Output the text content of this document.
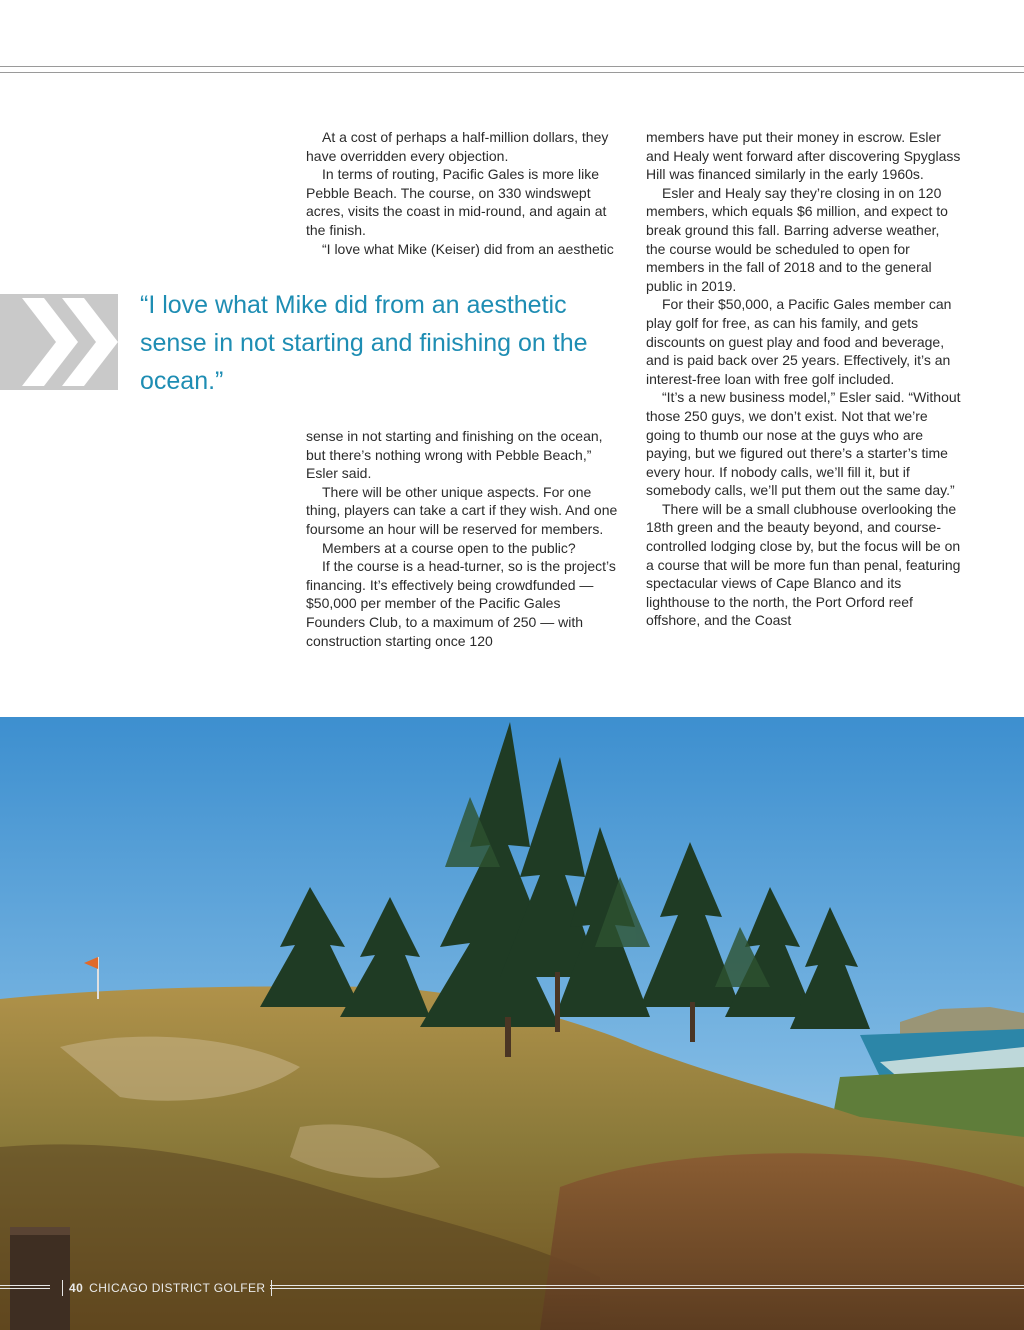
At a cost of perhaps a half-million dollars, they have overridden every objection.

In terms of routing, Pacific Gales is more like Pebble Beach. The course, on 330 windswept acres, visits the coast in mid-round, and again at the finish.

“I love what Mike (Keiser) did from an aesthetic

“I love what Mike did from an aesthetic sense in not starting and finishing on the ocean.”

sense in not starting and finishing on the ocean, but there’s nothing wrong with Pebble Beach,” Esler said.

There will be other unique aspects. For one thing, players can take a cart if they wish. And one foursome an hour will be reserved for members.

Members at a course open to the public?

If the course is a head-turner, so is the project’s financing. It’s effectively being crowdfunded — $50,000 per member of the Pacific Gales Founders Club, to a maximum of 250 — with construction starting once 120

members have put their money in escrow. Esler and Healy went forward after discovering Spyglass Hill was financed similarly in the early 1960s.

Esler and Healy say they’re closing in on 120 members, which equals $6 million, and expect to break ground this fall. Barring adverse weather, the course would be scheduled to open for members in the fall of 2018 and to the general public in 2019.

For their $50,000, a Pacific Gales member can play golf for free, as can his family, and gets discounts on guest play and food and beverage, and is paid back over 25 years. Effectively, it’s an interest-free loan with free golf included.

“It’s a new business model,” Esler said. “Without those 250 guys, we don’t exist. Not that we’re going to thumb our nose at the guys who are paying, but we figured out there’s a starter’s time every hour. If nobody calls, we’ll fill it, but if somebody calls, we’ll put them out the same day.”

There will be a small clubhouse overlooking the 18th green and the beauty beyond, and course-controlled lodging close by, but the focus will be on a course that will be more fun than penal, featuring spectacular views of Cape Blanco and its lighthouse to the north, the Port Orford reef offshore, and the Coast

40 CHICAGO DISTRICT GOLFER
